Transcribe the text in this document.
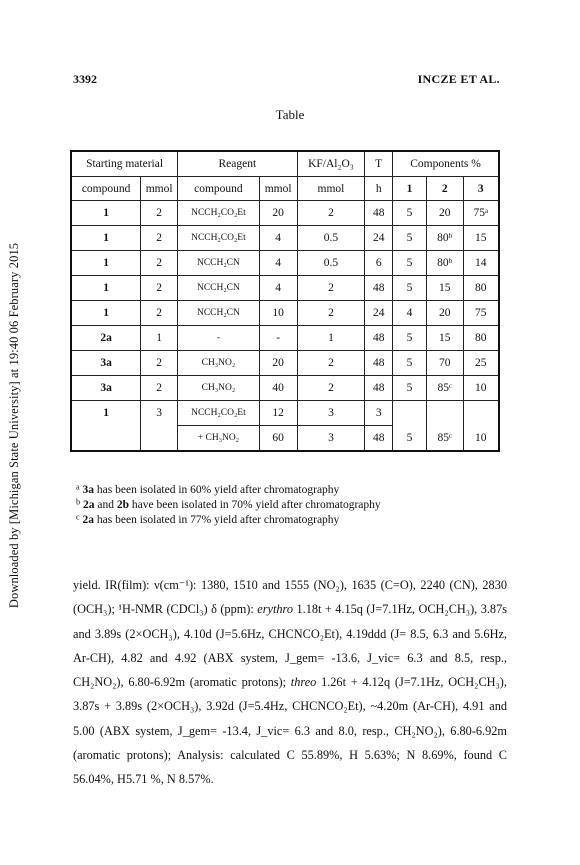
Downloaded by [Michigan State University] at 19:40 06 February 2015
3392	INCZE ET AL.
Table
Starting material		Reagent		KF/Al₂O₃	T	Components %		
compound	mmol	compound	mmol	mmol	h	1	2	3
1	2	NCCH₂CO₂Et	20	2	48	5	20	75ᵃ
1	2	NCCH₂CO₂Et	4	0.5	24	5	80ᵇ	15
1	2	NCCH₂CN	4	0.5	6	5	80ᵇ	14
1	2	NCCH₂CN	4	2	48	5	15	80
1	2	NCCH₂CN	10	2	24	4	20	75
2a	1	-	-	1	48	5	15	80
3a	2	CH₃NO₂	20	2	48	5	70	25
3a	2	CH₃NO₂	40	2	48	5	85ᶜ	10
1	3	NCCH₂CO₂Et	12	3	3			
		+ CH₃NO₂	60	3	48	5	85ᶜ	10
$^a$ 3a has been isolated in 60% yield after chromatography
$^b$ 2a and 2b have been isolated in 70% yield after chromatography
$^c$ 2a has been isolated in 77% yield after chromatography

yield. IR(film): ν(cm⁻¹): 1380, 1510 and 1555 (NO₂), 1635 (C=O), 2240 (CN), 2830 (OCH₃); ¹H-NMR (CDCl₃) δ (ppm): erythro 1.18t + 4.15q (J=7.1Hz, OCH₂CH₃), 3.87s and 3.89s (2×OCH₃), 4.10d (J=5.6Hz, CHCNCO₂Et), 4.19ddd (J= 8.5, 6.3 and 5.6Hz, Ar-CH), 4.82 and 4.92 (ABX system, J_gem= -13.6, J_vic= 6.3 and 8.5, resp., CH₂NO₂), 6.80-6.92m (aromatic protons); threo 1.26t + 4.12q (J=7.1Hz, OCH₂CH₃), 3.87s + 3.89s (2×OCH₃), 3.92d (J=5.4Hz, CHCNCO₂Et), ~4.20m (Ar-CH), 4.91 and 5.00 (ABX system, J_gem= -13.4, J_vic= 6.3 and 8.0, resp., CH₂NO₂), 6.80-6.92m (aromatic protons); Analysis: calculated C 55.89%, H 5.63%; N 8.69%, found C 56.04%, H5.71 %, N 8.57%.
